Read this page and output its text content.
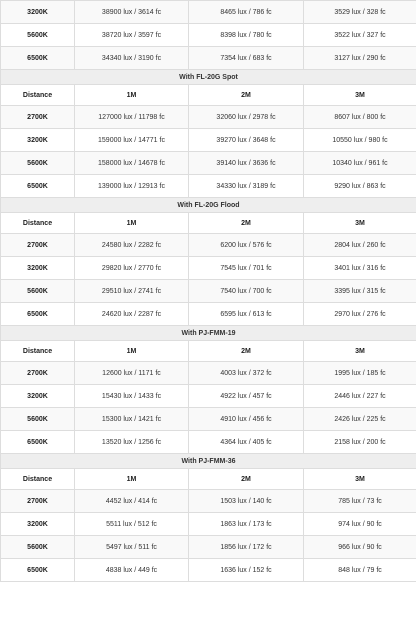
3200K	38900 lux / 3614 fc	8465 lux / 786 fc	3529 lux / 328 fc
5600K	38720 lux / 3597 fc	8398 lux / 780 fc	3522 lux / 327 fc
6500K	34340 lux / 3190 fc	7354 lux / 683 fc	3127 lux / 290 fc
With FL-20G Spot			
Distance	1M	2M	3M
2700K	127000 lux / 11798 fc	32060 lux / 2978 fc	8607 lux / 800 fc
3200K	159000 lux / 14771 fc	39270 lux / 3648 fc	10550 lux / 980 fc
5600K	158000 lux / 14678 fc	39140 lux / 3636 fc	10340 lux / 961 fc
6500K	139000 lux / 12913 fc	34330 lux / 3189 fc	9290 lux / 863 fc
With FL-20G Flood			
Distance	1M	2M	3M
2700K	24580 lux / 2282 fc	6200 lux / 576 fc	2804 lux / 260 fc
3200K	29820 lux / 2770 fc	7545 lux / 701 fc	3401 lux / 316 fc
5600K	29510 lux / 2741 fc	7540 lux / 700 fc	3395 lux / 315 fc
6500K	24620 lux / 2287 fc	6595 lux / 613 fc	2970 lux / 276 fc
With PJ-FMM-19			
Distance	1M	2M	3M
2700K	12600 lux / 1171 fc	4003 lux / 372 fc	1995 lux / 185 fc
3200K	15430 lux / 1433 fc	4922 lux / 457 fc	2446 lux / 227 fc
5600K	15300 lux / 1421 fc	4910 lux / 456 fc	2426 lux / 225 fc
6500K	13520 lux / 1256 fc	4364 lux / 405 fc	2158 lux / 200 fc
With PJ-FMM-36			
Distance	1M	2M	3M
2700K	4452 lux / 414 fc	1503 lux / 140 fc	785 lux / 73 fc
3200K	5511 lux / 512 fc	1863 lux / 173 fc	974 lux / 90 fc
5600K	5497 lux / 511 fc	1856 lux / 172 fc	966 lux / 90 fc
6500K	4838 lux / 449 fc	1636 lux / 152 fc	848 lux / 79 fc
